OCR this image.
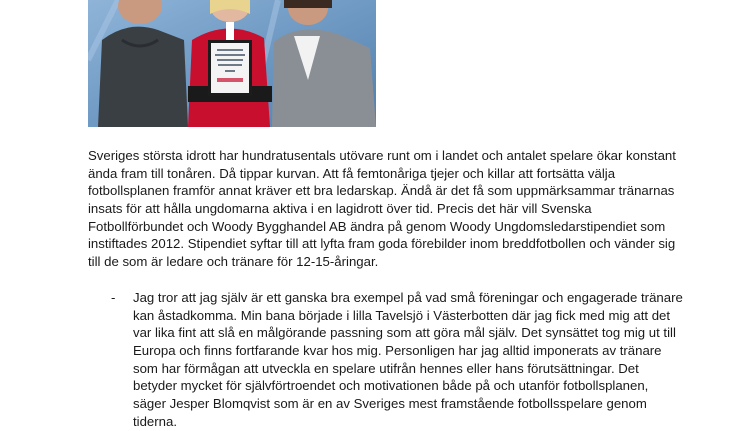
Sveriges största idrott har hundratusentals utövare runt om i landet och antalet spelare ökar konstant
ända fram till tonåren. Då tippar kurvan. Att få femtonåriga tjejer och killar att fortsätta välja
fotbollsplanen framför annat kräver ett bra ledarskap. Ändå är det få som uppmärksammar tränarnas
insats för att hålla ungdomarna aktiva i en lagidrott över tid. Precis det här vill Svenska
Fotbollförbundet och Woody Bygghandel AB ändra på genom Woody Ungdomsledarstipendiet som
instiftades 2012. Stipendiet syftar till att lyfta fram goda förebilder inom breddfotbollen och vänder sig
till de som är ledare och tränare för 12-15-åringar.
- Jag tror att jag själv är ett ganska bra exempel på vad små föreningar och engagerade tränare
kan åstadkomma. Min bana började i lilla Tavelsjö i Västerbotten där jag fick med mig att det
var lika fint att slå en målgörande passning som att göra mål själv. Det synsättet tog mig ut till
Europa och finns fortfarande kvar hos mig. Personligen har jag alltid imponerats av tränare
som har förmågan att utveckla en spelare utifrån hennes eller hans förutsättningar. Det
betyder mycket för självförtroendet och motivationen både på och utanför fotbollsplanen,
säger Jesper Blomqvist som är en av Sveriges mest framstående fotbollsspelare genom
tiderna.
